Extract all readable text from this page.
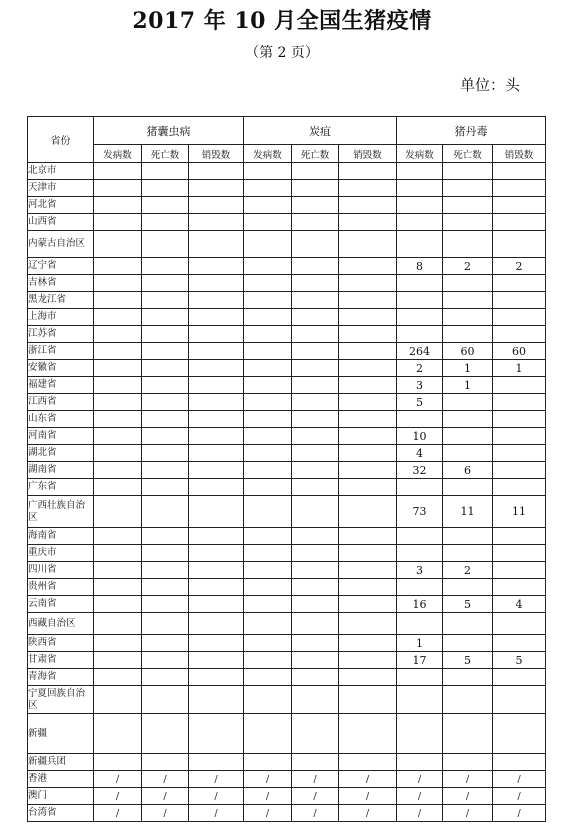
2017 年 10 月全国生猪疫情
（第 2 页）
单位：头
省份	猪囊虫病			炭疽			猪丹毒		
	发病数	死亡数	销毁数	发病数	死亡数	销毁数	发病数	死亡数	销毁数
北京市									
天津市									
河北省									
山西省									
内蒙古自治区									
辽宁省							8	2	2
吉林省									
黑龙江省									
上海市									
江苏省									
浙江省							264	60	60
安徽省							2	1	1
福建省							3	1	
江西省							5		
山东省									
河南省							10		
湖北省							4		
湖南省							32	6	
广东省									
广西壮族自治区							73	11	11
海南省									
重庆市									
四川省							3	2	
贵州省									
云南省							16	5	4
西藏自治区									
陕西省							1		
甘肃省							17	5	5
青海省									
宁夏回族自治区									
新疆									
新疆兵团									
香港	/	/	/	/	/	/	/	/	/
澳门	/	/	/	/	/	/	/	/	/
台湾省	/	/	/	/	/	/	/	/	/
